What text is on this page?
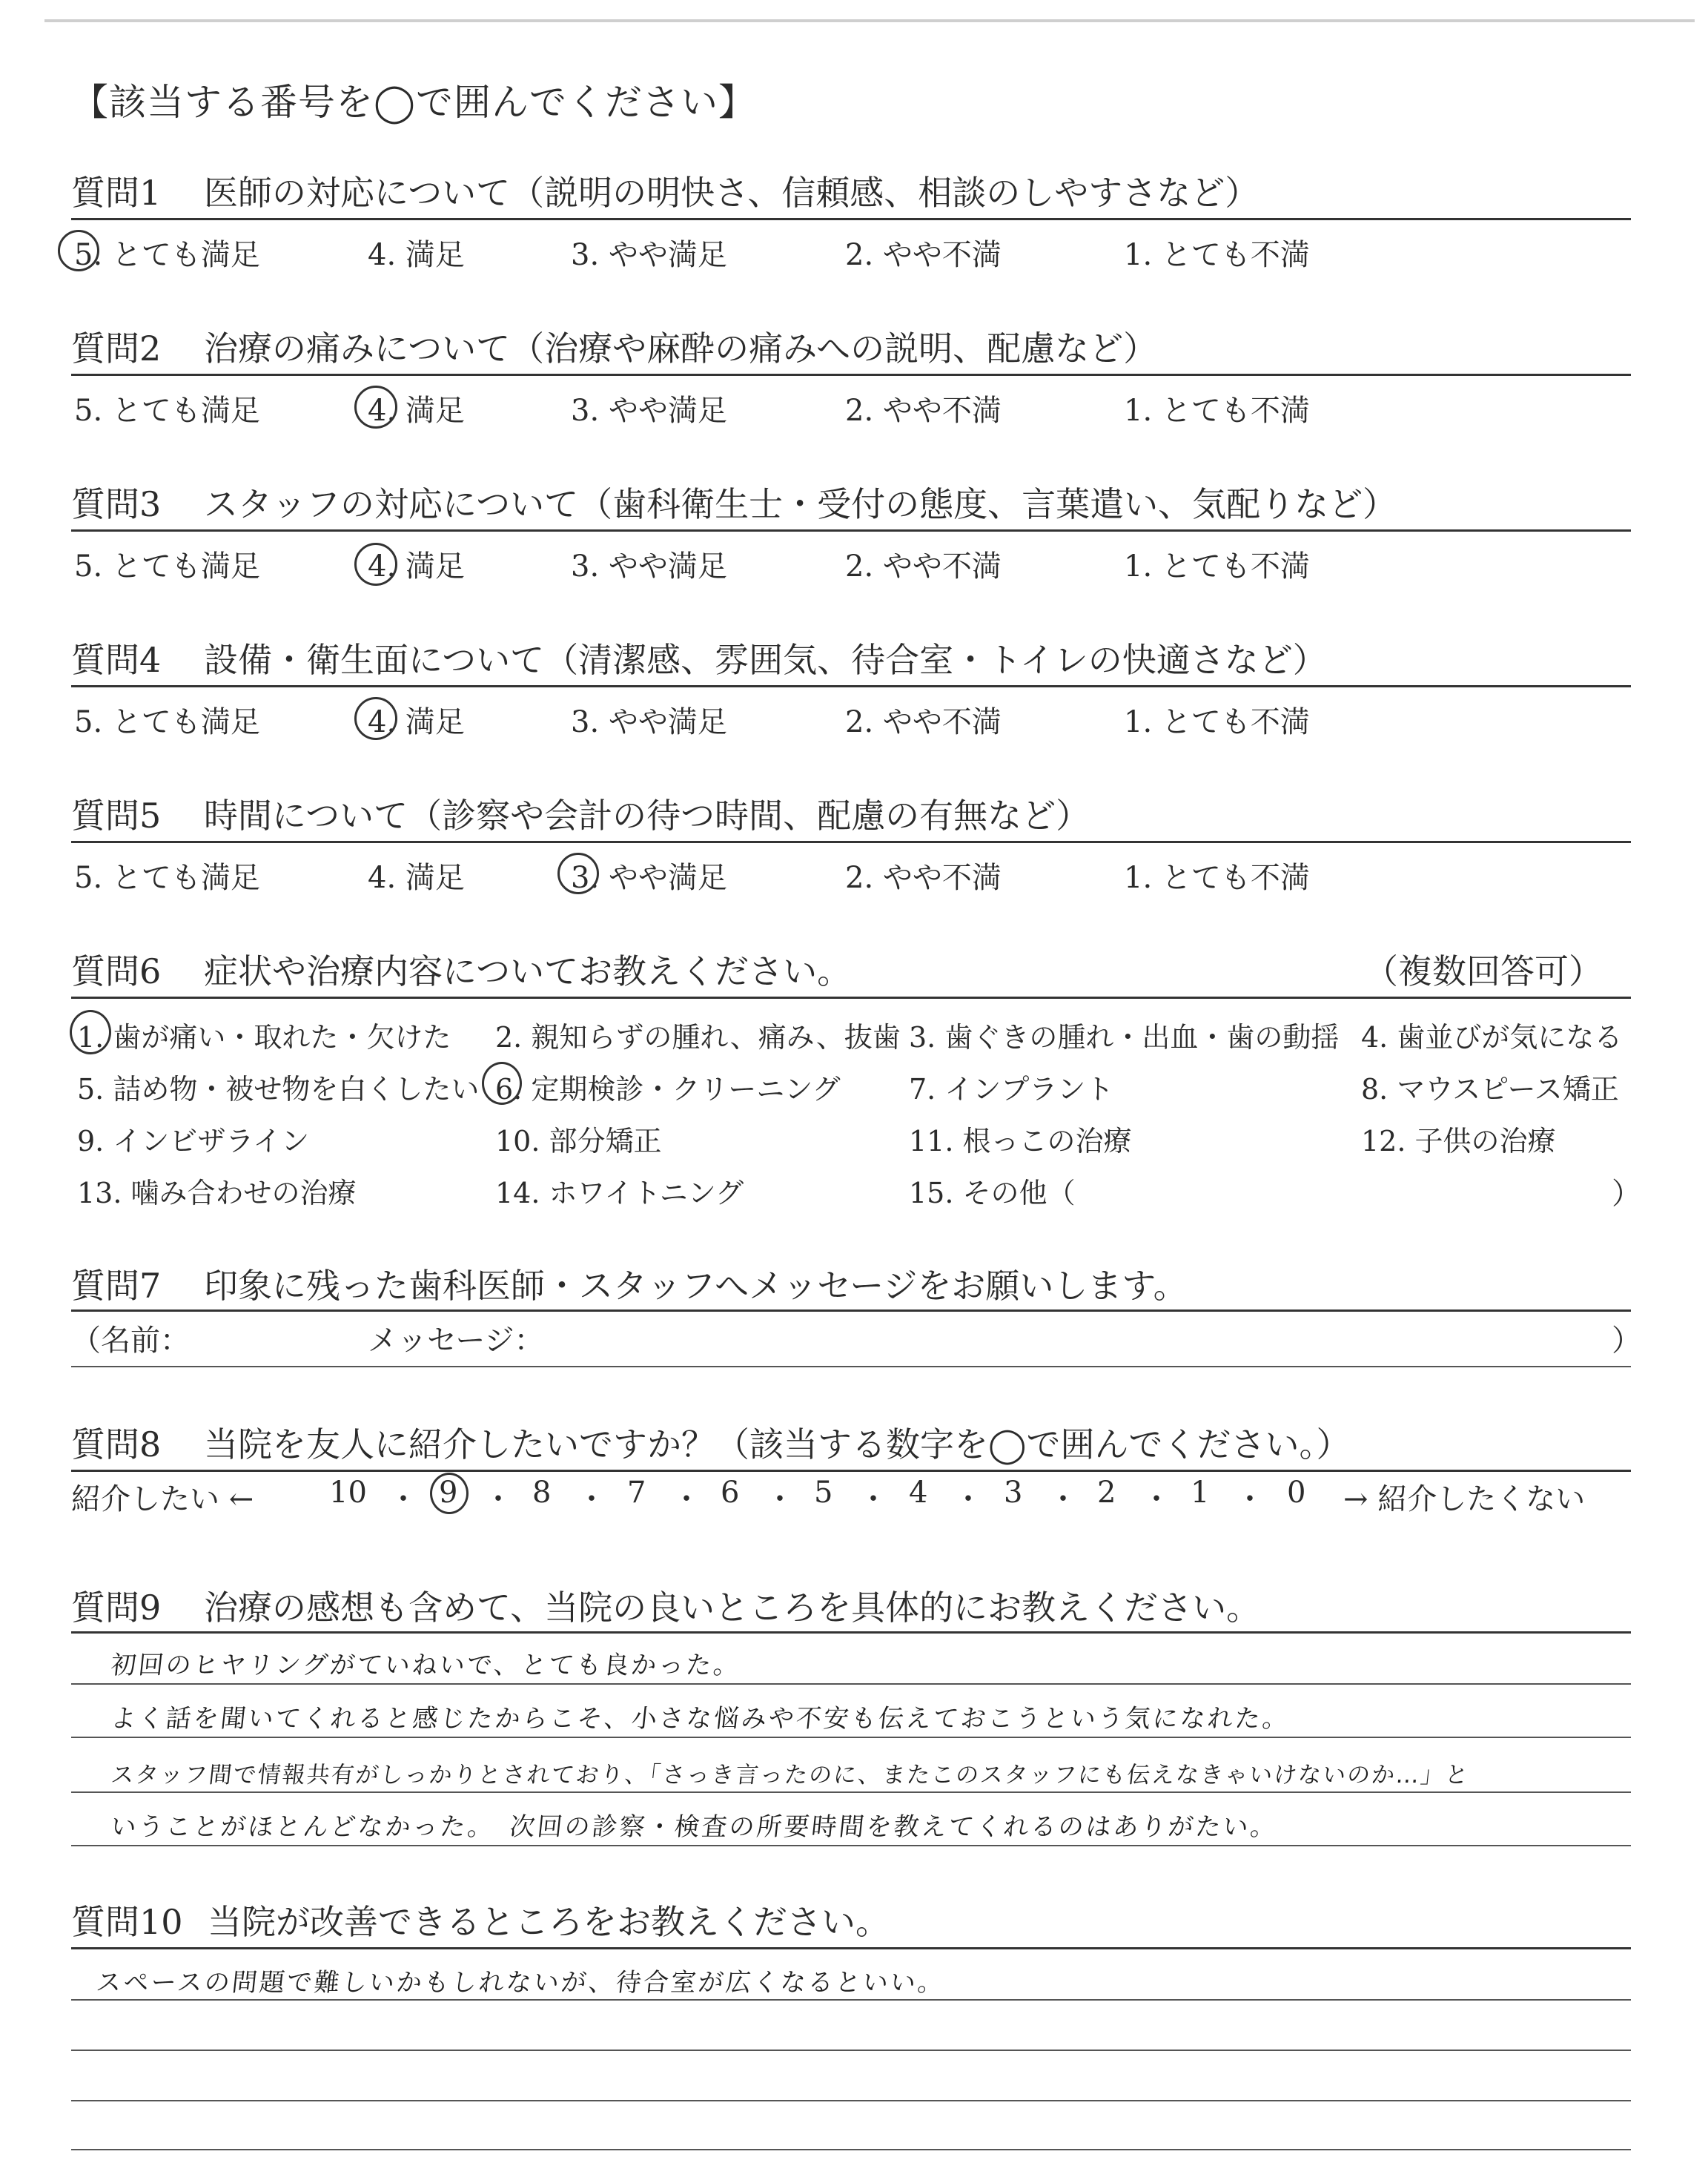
【該当する番号を◯で囲んでください】
質問1 医師の対応について（説明の明快さ、信頼感、相談のしやすさなど）
5. とても満足	4. 満足	3. やや満足	2. やや不満	1. とても不満
質問2 治療の痛みについて（治療や麻酔の痛みへの説明、配慮など）
5. とても満足	4. 満足	3. やや満足	2. やや不満	1. とても不満
質問3 スタッフの対応について（歯科衛生士・受付の態度、言葉遣い、気配りなど）
5. とても満足	4. 満足	3. やや満足	2. やや不満	1. とても不満
質問4 設備・衛生面について（清潔感、雰囲気、待合室・トイレの快適さなど）
5. とても満足	4. 満足	3. やや満足	2. やや不満	1. とても不満
質問5 時間について（診察や会計の待つ時間、配慮の有無など）
5. とても満足	4. 満足	3. やや満足	2. やや不満	1. とても不満
質問6 症状や治療内容についてお教えください。	（複数回答可）
1. 歯が痛い・取れた・欠けた 2. 親知らずの腫れ、痛み、抜歯 3. 歯ぐきの腫れ・出血・歯の動揺 4. 歯並びが気になる
5. 詰め物・被せ物を白くしたい 6. 定期検診・クリーニング 7. インプラント	8. マウスピース矯正
9. インビザライン	10. 部分矯正	11. 根っこの治療	12. 子供の治療
13. 噛み合わせの治療	14. ホワイトニング	15. その他（	）
質問7 印象に残った歯科医師・スタッフへメッセージをお願いします。
（名前：	メッセージ：	）
質問8 当院を友人に紹介したいですか？（該当する数字を◯で囲んでください。）
紹介したい ←	10 ・ 9 ・ 8 ・ 7 ・ 6 ・ 5 ・ 4 ・ 3 ・ 2 ・ 1 ・ 0 → 紹介したくない
質問9 治療の感想も含めて、当院の良いところを具体的にお教えください。
初回のヒヤリングがていねいで、とても良かった。
よく話を聞いてくれると感じたからこそ、小さな悩みや不安も伝えておこうという気になれた。
スタッフ間で情報共有がしっかりとされており、「さっき言ったのに、またこのスタッフにも伝えなきゃいけないのか…」と
いうことがほとんどなかった。　次回の診察・検査の所要時間を教えてくれるのはありがたい。
質問10 当院が改善できるところをお教えください。
スペースの問題で難しいかもしれないが、待合室が広くなるといい。
